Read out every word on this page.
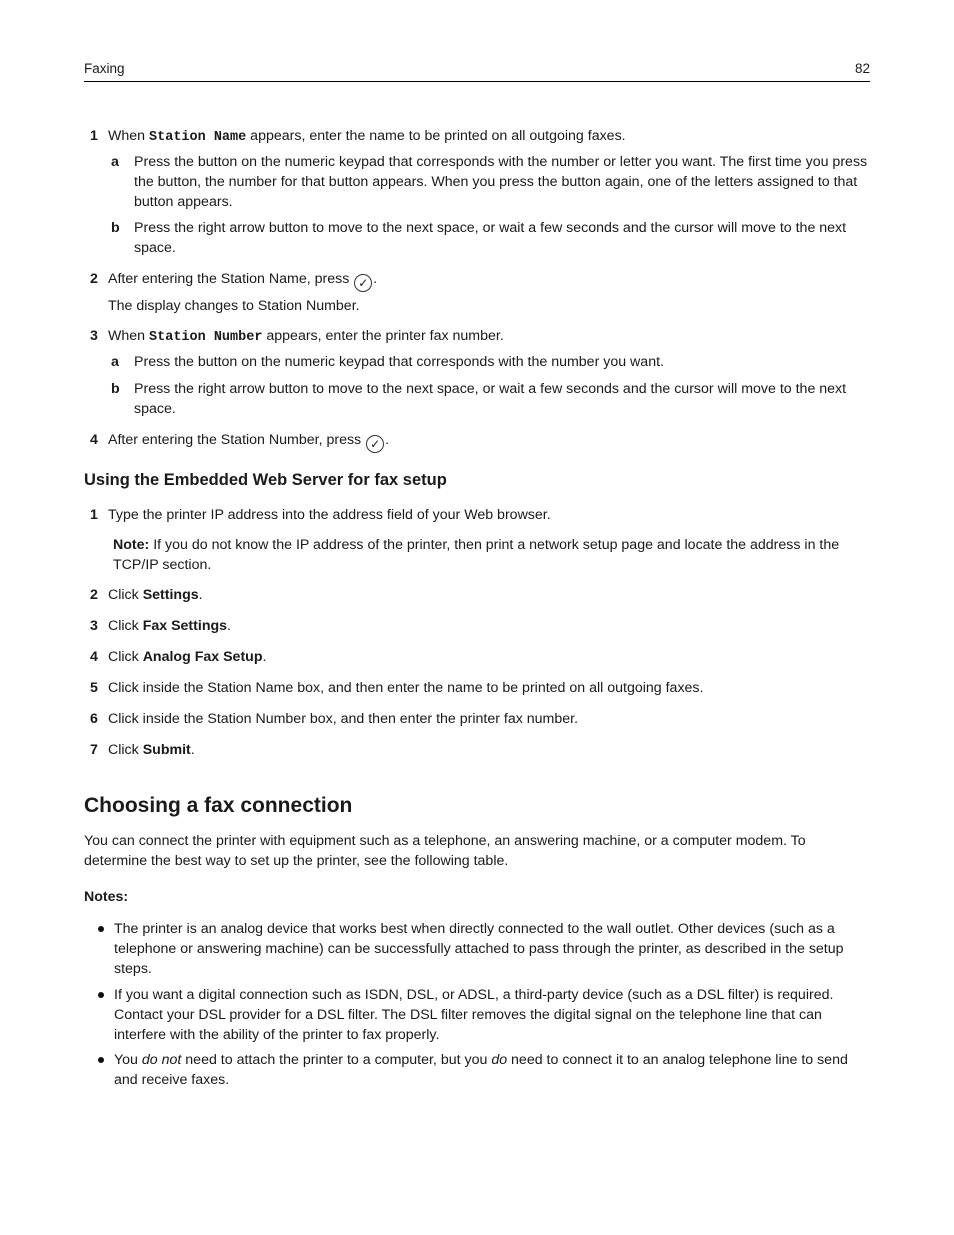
Faxing	82
1 When Station Name appears, enter the name to be printed on all outgoing faxes.
a Press the button on the numeric keypad that corresponds with the number or letter you want. The first time you press the button, the number for that button appears. When you press the button again, one of the letters assigned to that button appears.
b Press the right arrow button to move to the next space, or wait a few seconds and the cursor will move to the next space.
2 After entering the Station Name, press ✓ .
The display changes to Station Number.
3 When Station Number appears, enter the printer fax number.
a Press the button on the numeric keypad that corresponds with the number you want.
b Press the right arrow button to move to the next space, or wait a few seconds and the cursor will move to the next space.
4 After entering the Station Number, press ✓ .
Using the Embedded Web Server for fax setup
1 Type the printer IP address into the address field of your Web browser.
Note: If you do not know the IP address of the printer, then print a network setup page and locate the address in the TCP/IP section.
2 Click Settings.
3 Click Fax Settings.
4 Click Analog Fax Setup.
5 Click inside the Station Name box, and then enter the name to be printed on all outgoing faxes.
6 Click inside the Station Number box, and then enter the printer fax number.
7 Click Submit.
Choosing a fax connection
You can connect the printer with equipment such as a telephone, an answering machine, or a computer modem. To determine the best way to set up the printer, see the following table.
Notes:
The printer is an analog device that works best when directly connected to the wall outlet. Other devices (such as a telephone or answering machine) can be successfully attached to pass through the printer, as described in the setup steps.
If you want a digital connection such as ISDN, DSL, or ADSL, a third-party device (such as a DSL filter) is required. Contact your DSL provider for a DSL filter. The DSL filter removes the digital signal on the telephone line that can interfere with the ability of the printer to fax properly.
You do not need to attach the printer to a computer, but you do need to connect it to an analog telephone line to send and receive faxes.
